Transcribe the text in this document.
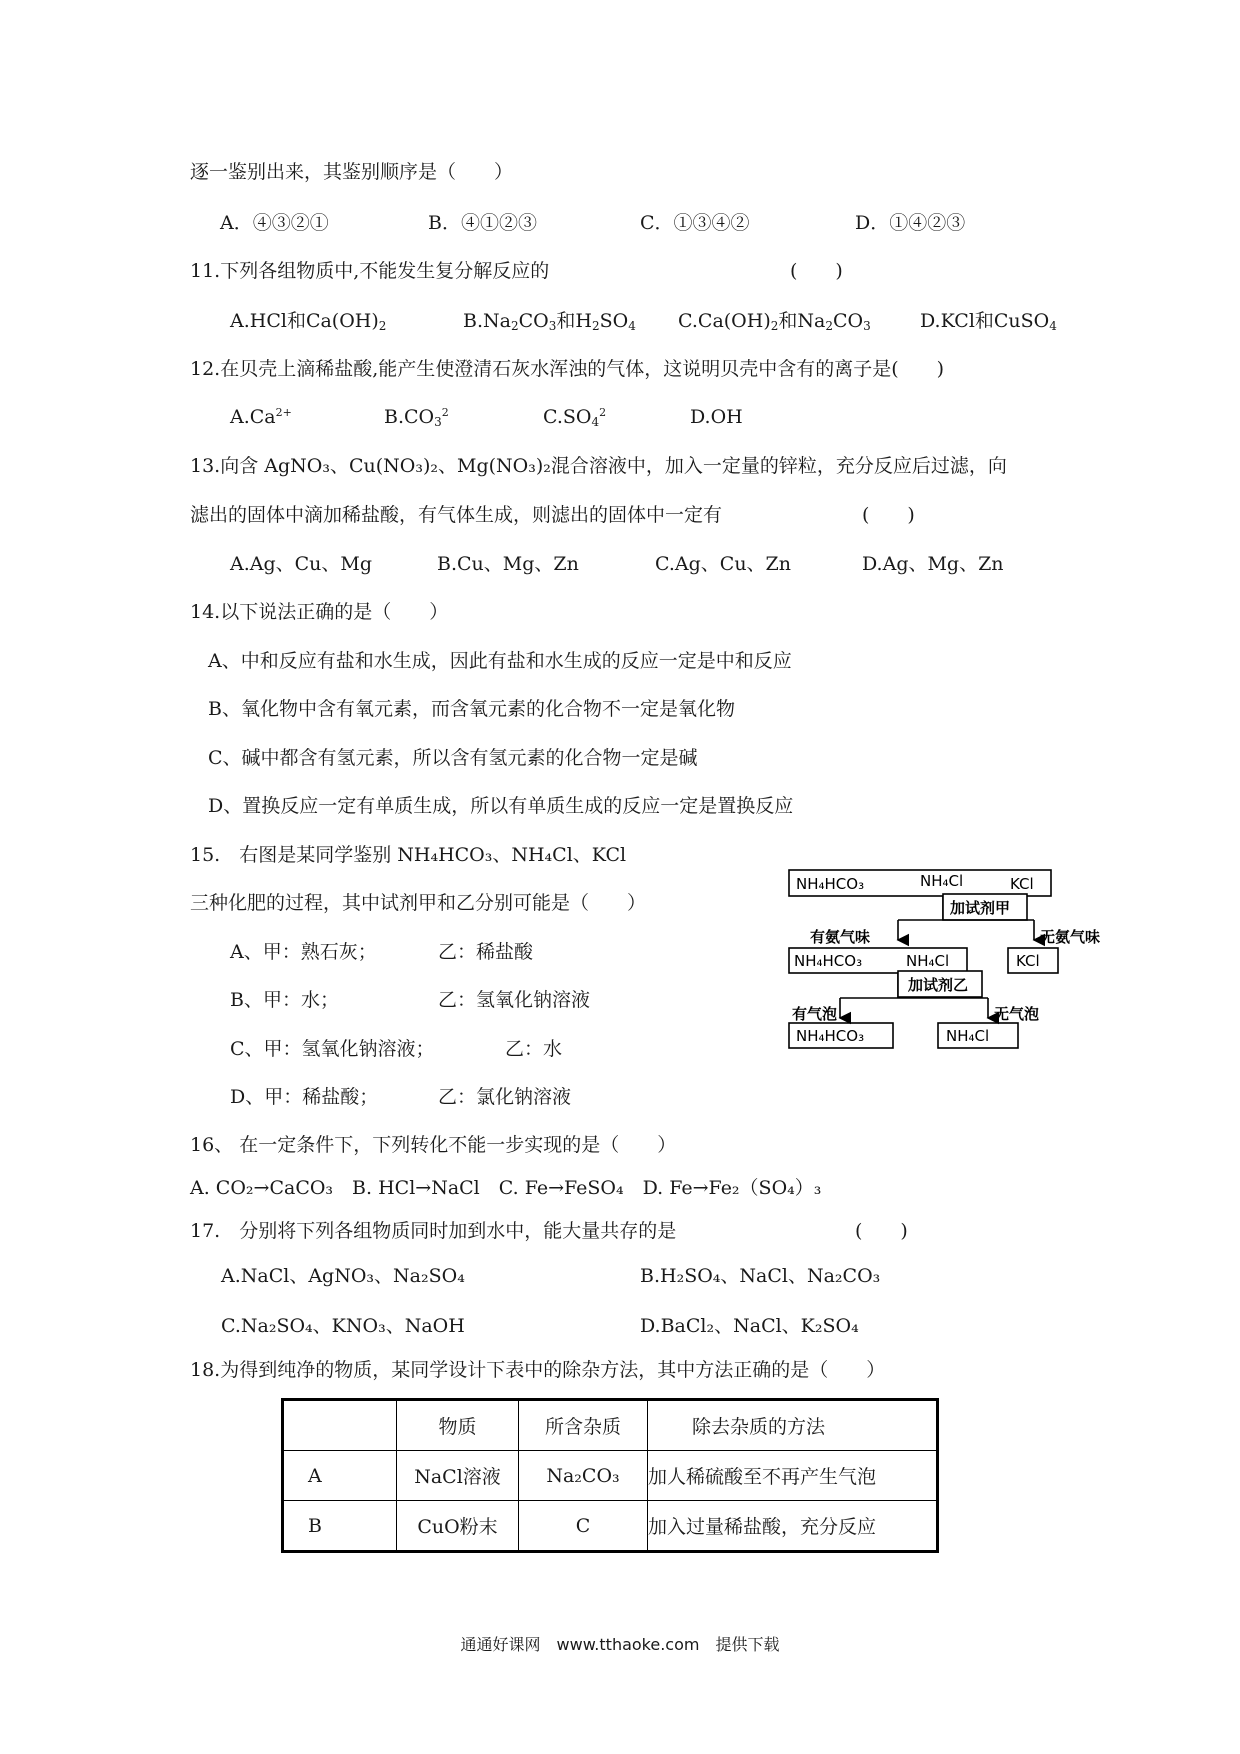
逐一鉴别出来，其鉴别顺序是（　　）
A．④③②①	B．④①②③	C．①③④②	D．①④②③
11.下列各组物质中,不能发生复分解反应的	(　　)
A.HCl和$Ca(OH)_2$	$B.Na_2CO_3$和$H_2SO_4$ $C.Ca(OH)_2$和$Na_2CO_3$	D.KCl和CuSO$_4$
12.在贝壳上滴稀盐酸,能产生使澄清石灰水浑浊的气体，这说明贝壳中含有的离子是(　　)
$A.Ca^{2+}$	$B.CO_3^2$	$C.SO_4^2$	D.OH
13.向含 AgNO₃、Cu(NO₃)₂、Mg(NO₃)₂混合溶液中，加入一定量的锌粒，充分反应后过滤，向
滤出的固体中滴加稀盐酸，有气体生成，则滤出的固体中一定有	(　　)
A.Ag、Cu、Mg	B.Cu、Mg、Zn	C.Ag、Cu、Zn	D.Ag、Mg、Zn
14.以下说法正确的是（　　）
A、中和反应有盐和水生成，因此有盐和水生成的反应一定是中和反应
B、氧化物中含有氧元素，而含氧元素的化合物不一定是氧化物
C、碱中都含有氢元素，所以含有氢元素的化合物一定是碱
D、置换反应一定有单质生成，所以有单质生成的反应一定是置换反应
15.　右图是某同学鉴别 NH₄HCO₃、NH₄Cl、KCl
三种化肥的过程，其中试剂甲和乙分别可能是（　　）
A、甲：熟石灰；	乙：稀盐酸
B、甲：水；	乙：氢氧化钠溶液
C、甲：氢氧化钠溶液；	乙：水
D、甲：稀盐酸；	乙：氯化钠溶液
NH₄HCO₃	NH₄Cl	KCl
加试剂甲
有氨气味	无氨气味
NH₄HCO₃	NH₄Cl	KCl
加试剂乙
有气泡	无气泡
NH₄HCO₃	NH₄Cl
16、 在一定条件下，下列转化不能一步实现的是（　　）
A. CO₂→CaCO₃　B. HCl→NaCl　C. Fe→FeSO₄　D. Fe→Fe₂（SO₄）₃
17.　分别将下列各组物质同时加到水中，能大量共存的是	(　　)
A.NaCl、AgNO₃、Na₂SO₄	B.H₂SO₄、NaCl、Na₂CO₃
C.Na₂SO₄、KNO₃、NaOH	D.BaCl₂、NaCl、K₂SO₄
18.为得到纯净的物质，某同学设计下表中的除杂方法，其中方法正确的是（　　）
	物质	所含杂质	除去杂质的方法
A	NaCl溶液	Na₂CO₃	加人稀硫酸至不再产生气泡
B	CuO粉末	C	加入过量稀盐酸，充分反应
通通好课网　www.tthaoke.com　提供下载
